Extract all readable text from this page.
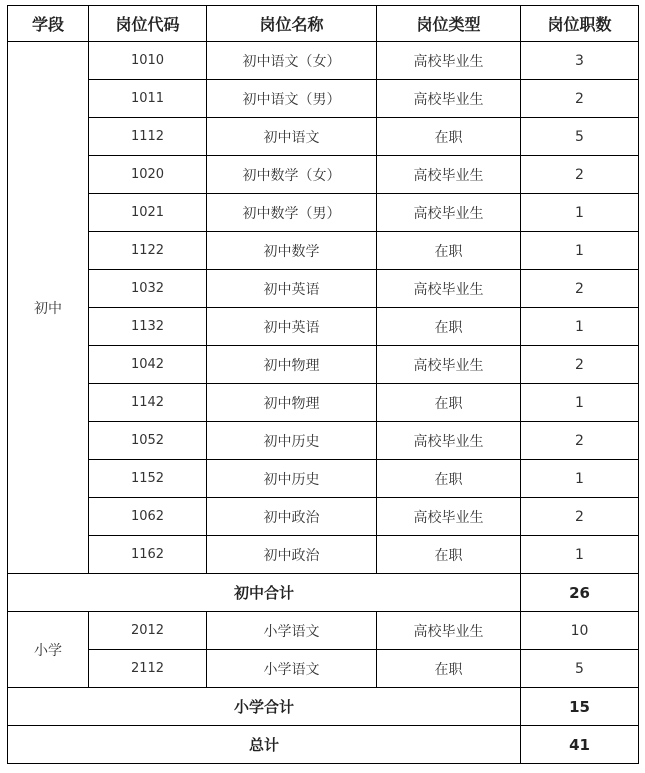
学段	岗位代码	岗位名称	岗位类型	岗位职数
初中	1010	初中语文（女）	高校毕业生	3
	1011	初中语文（男）	高校毕业生	2
	1112	初中语文	在职	5
	1020	初中数学（女）	高校毕业生	2
	1021	初中数学（男）	高校毕业生	1
	1122	初中数学	在职	1
	1032	初中英语	高校毕业生	2
	1132	初中英语	在职	1
	1042	初中物理	高校毕业生	2
	1142	初中物理	在职	1
	1052	初中历史	高校毕业生	2
	1152	初中历史	在职	1
	1062	初中政治	高校毕业生	2
	1162	初中政治	在职	1
初中合计				26
小学	2012	小学语文	高校毕业生	10
	2112	小学语文	在职	5
小学合计				15
总计				41
